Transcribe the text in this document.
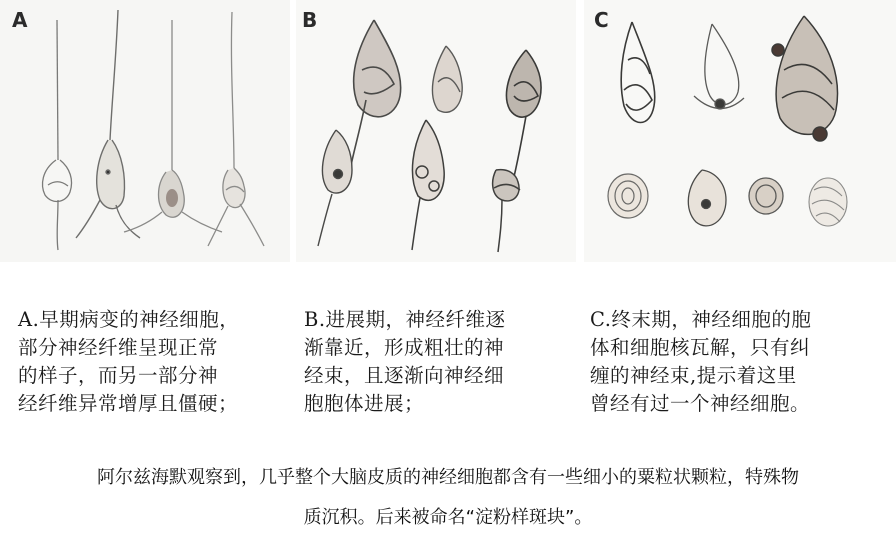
A	B	C
A.早期病变的神经细胞，
部分神经纤维呈现正常
的样子，而另一部分神
经纤维异常增厚且僵硬；
B.进展期，神经纤维逐
渐靠近，形成粗壮的神
经束，且逐渐向神经细
胞胞体进展；
C.终末期，神经细胞的胞
体和细胞核瓦解，只有纠
缠的神经束,提示着这里
曾经有过一个神经细胞。
阿尔兹海默观察到，几乎整个大脑皮质的神经细胞都含有一些细小的粟粒状颗粒，特殊物
质沉积。后来被命名“淀粉样斑块”。
